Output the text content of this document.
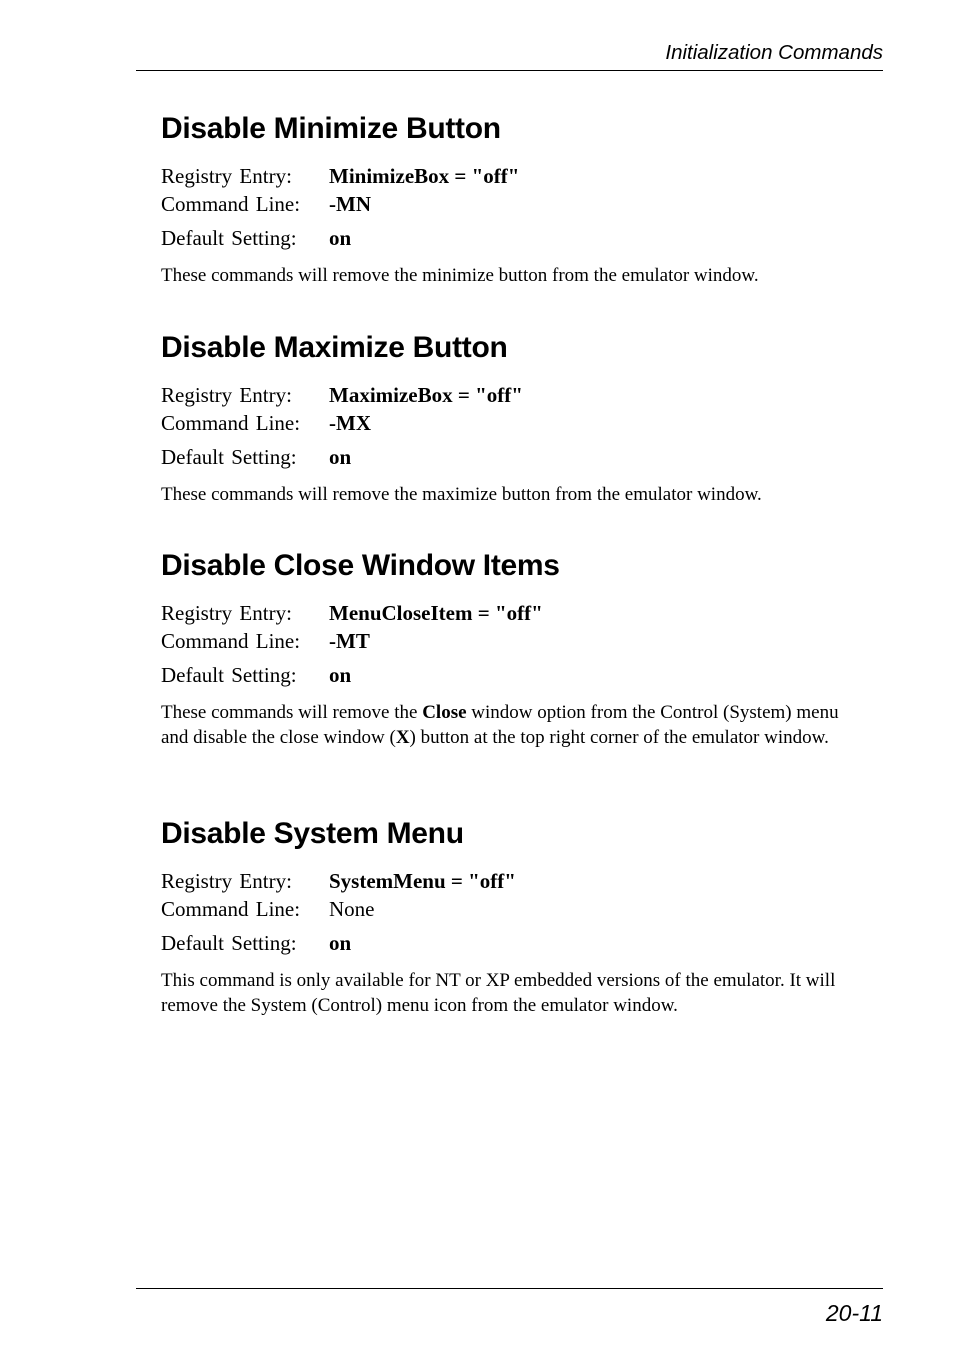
Initialization Commands
Disable Minimize Button
Registry Entry: MinimizeBox = "off"
Command Line: -MN
Default Setting: on

These commands will remove the minimize button from the emulator window.

Disable Maximize Button
Registry Entry: MaximizeBox = "off"
Command Line: -MX
Default Setting: on

These commands will remove the maximize button from the emulator window.

Disable Close Window Items
Registry Entry: MenuCloseItem = "off"
Command Line: -MT
Default Setting: on

These commands will remove the Close window option from the Control (System) menu and disable the close window (X) button at the top right corner of the emulator window.

Disable System Menu
Registry Entry: SystemMenu = "off"
Command Line: None
Default Setting: on

This command is only available for NT or XP embedded versions of the emulator. It will remove the System (Control) menu icon from the emulator window.

20-11
